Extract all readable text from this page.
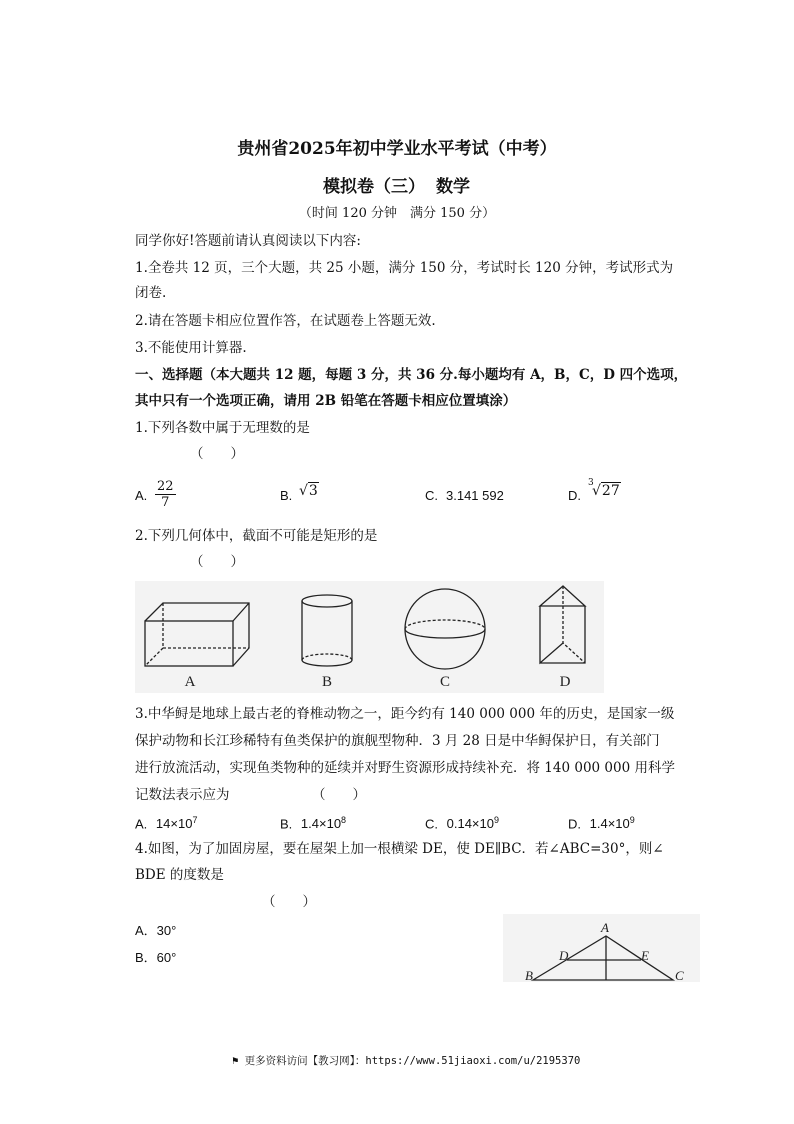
贵州省2025年初中学业水平考试（中考）
模拟卷（三） 数学
（时间 120 分钟　满分 150 分）
同学你好!答题前请认真阅读以下内容:
1.全卷共 12 页，三个大题，共 25 小题，满分 150 分，考试时长 120 分钟，考试形式为
闭卷.
2.请在答题卡相应位置作答，在试题卷上答题无效.
3.不能使用计算器.
一、选择题（本大题共 12 题，每题 3 分，共 36 分.每小题均有 A，B，C，D 四个选项，
其中只有一个选项正确，请用 2B 铅笔在答题卡相应位置填涂）
1.下列各数中属于无理数的是
（　　）
A. $\frac{22}{7}$	B. √3	C. 3.141 592	D.
3
√27
2.下列几何体中，截面不可能是矩形的是
（　　）
A	B	C	D
3.中华鲟是地球上最古老的脊椎动物之一，距今约有 140 000 000 年的历史，是国家一级
保护动物和长江珍稀特有鱼类保护的旗舰型物种．3 月 28 日是中华鲟保护日，有关部门
进行放流活动，实现鱼类物种的延续并对野生资源形成持续补充．将 140 000 000 用科学
记数法表示应为	（　　）
A. $14\times 10^7$	B. $1.4\times 10^8$	C. $0.14\times 10^9$	D. $1.4\times 10^9$
4.如图，为了加固房屋，要在屋架上加一根横梁 DE，使 DE∥BC．若∠ABC=30°，则∠
BDE 的度数是
（　　）
A．30°
B．60°
A
B	C
D	E
⚑ 更多资料访问【教习网】：https://www.51jiaoxi.com/u/2195370
